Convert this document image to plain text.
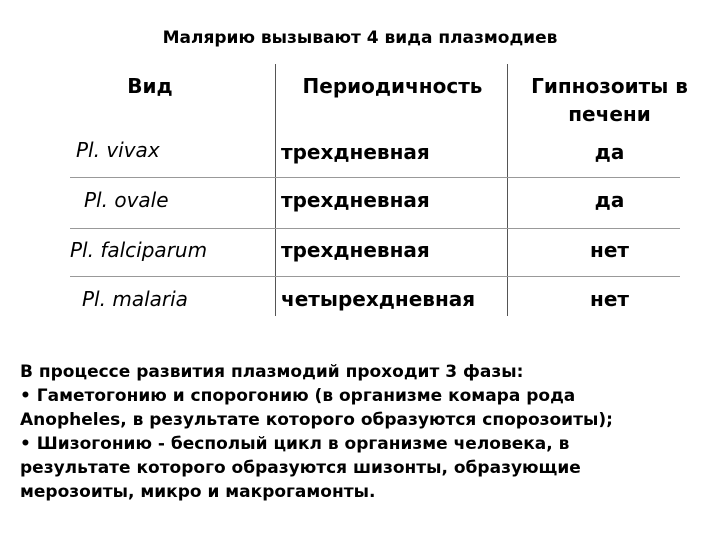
Малярию вызывают 4 вида плазмодиев
Вид	Периодичность	Гипнозоиты в
печени
Pl. vivax	трехдневная	да
Pl. ovale	трехдневная	да
Pl. falciparum	трехдневная	нет
Pl. malaria	четырехдневная	нет
В процессе развития плазмодий проходит 3 фазы:
• Гаметогонию и спорогонию (в организме комара рода
Anopheles, в результате которого образуются спорозоиты);
• Шизогонию - бесполый цикл в организме человека, в
результате которого образуются шизонты, образующие
мерозоиты, микро и макрогамонты.
